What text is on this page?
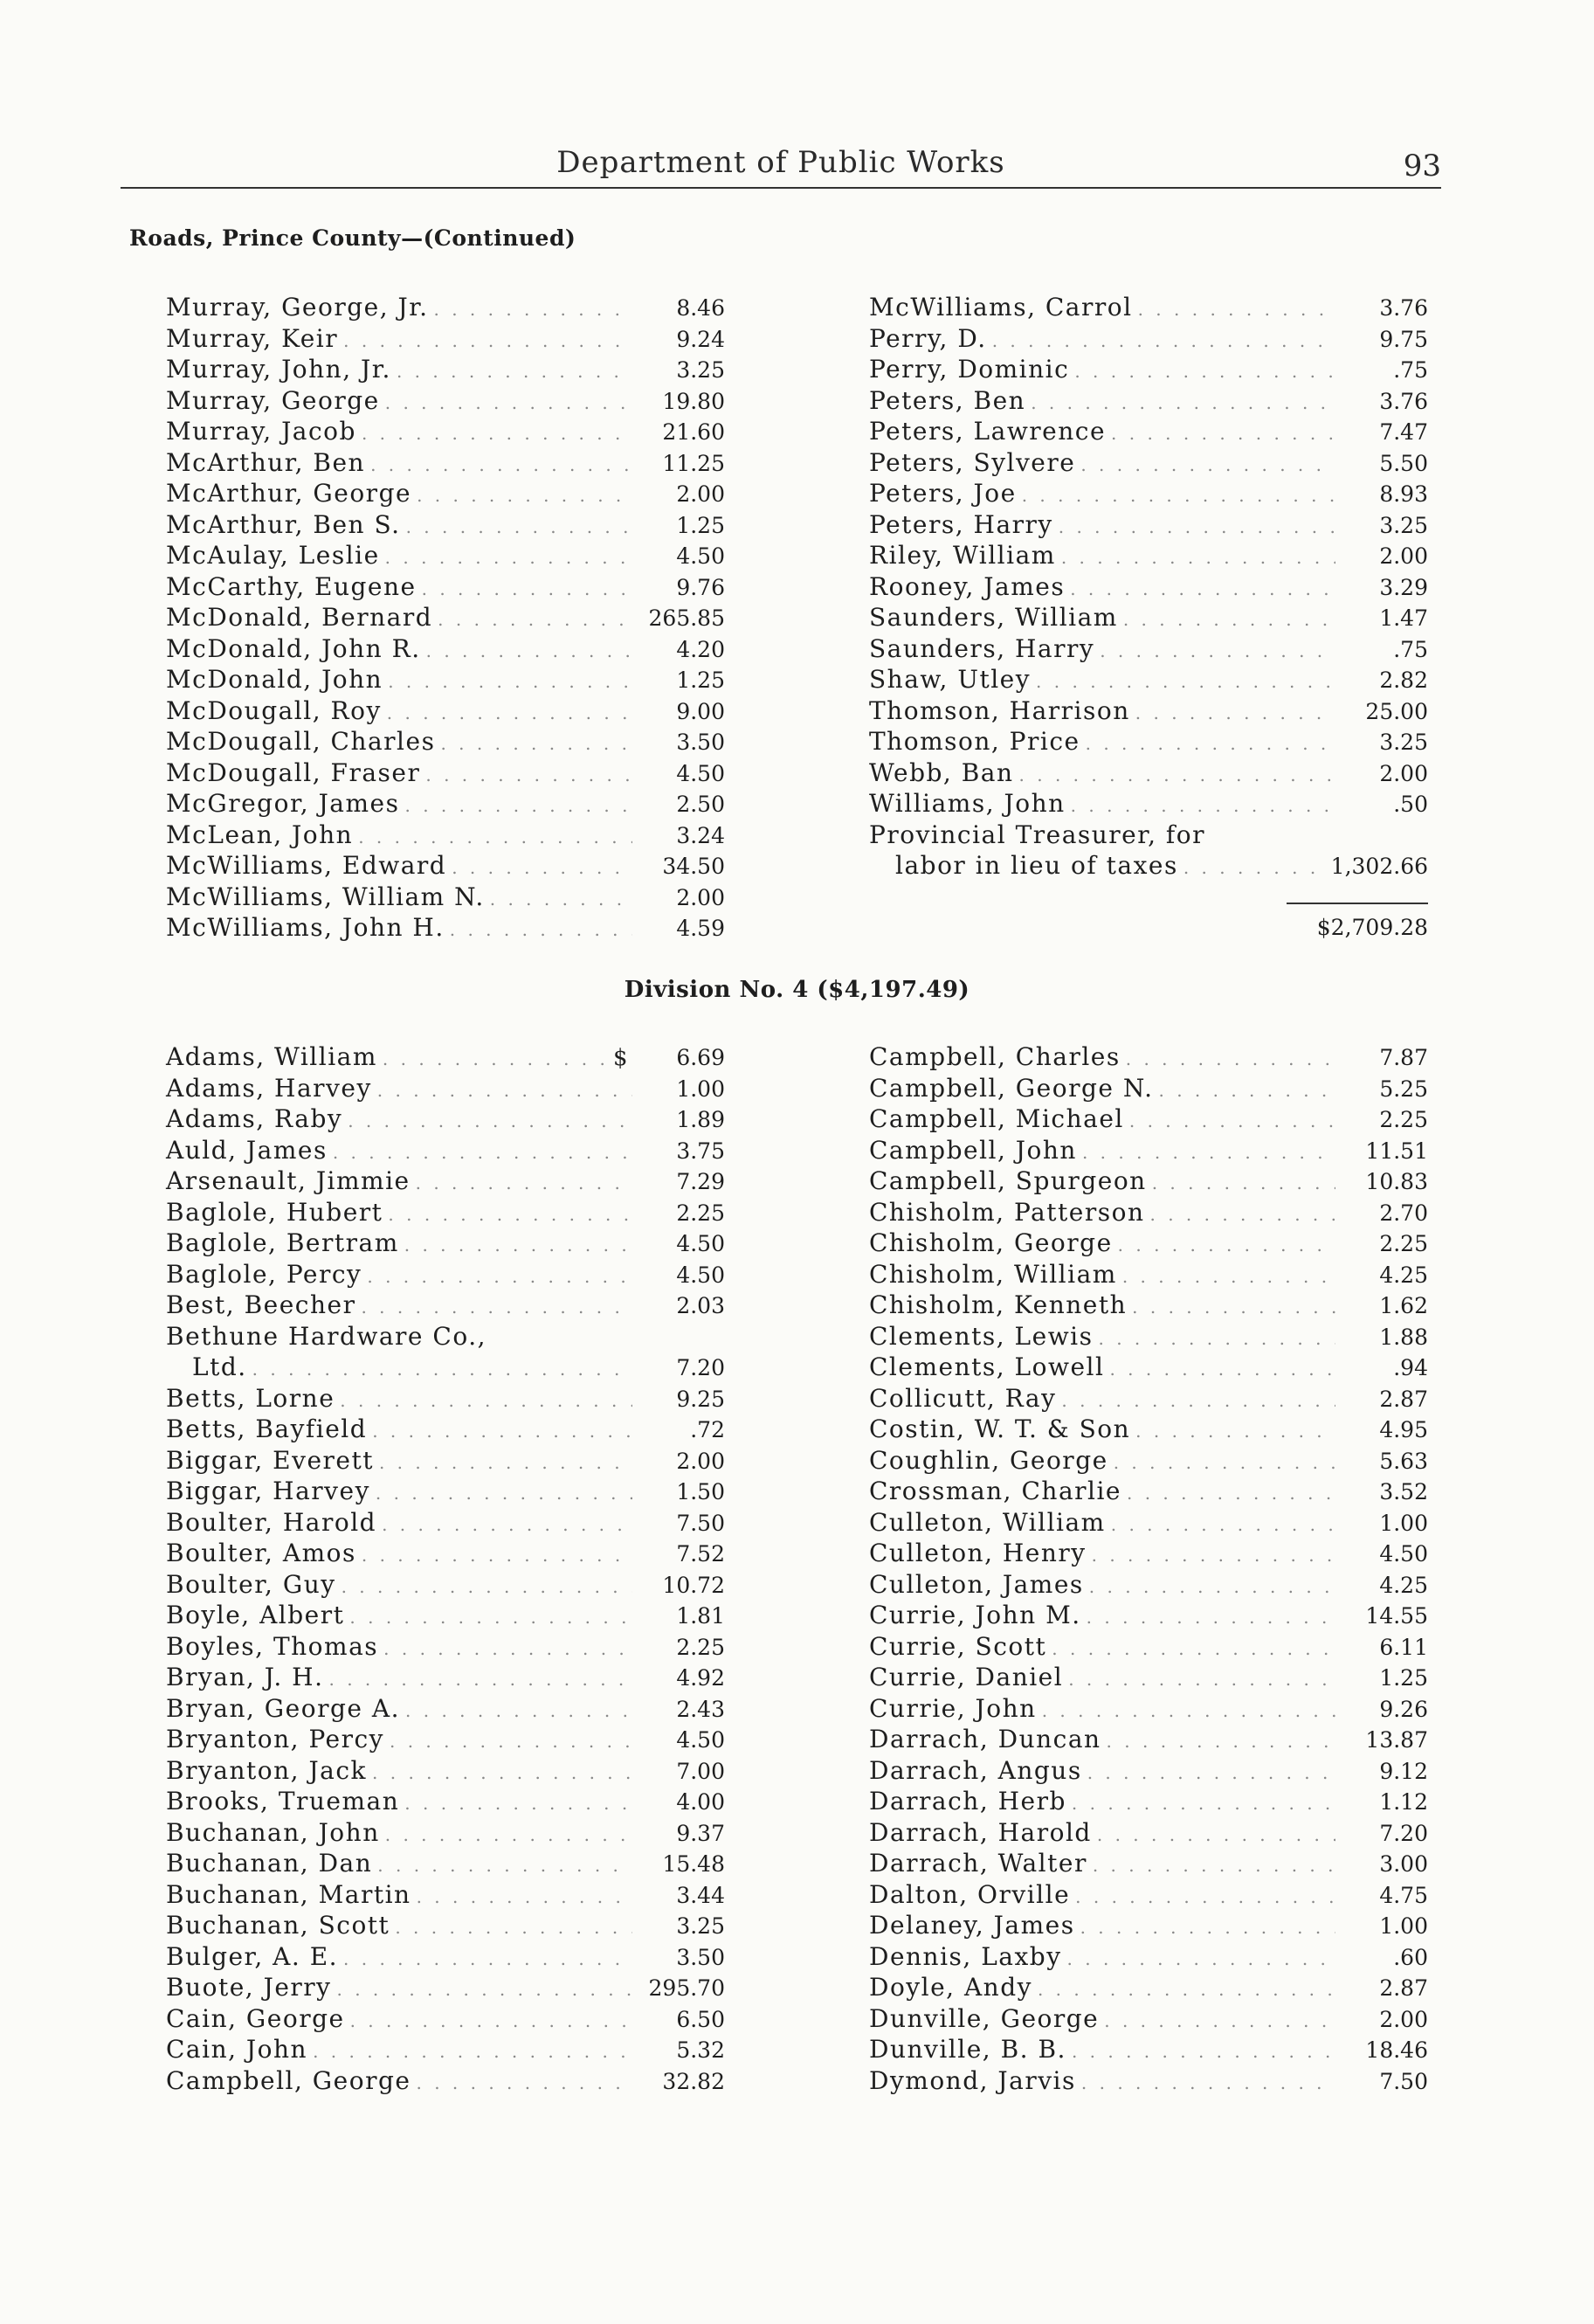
Department of Public Works	93
Roads, Prince County—(Continued)
Murray, George, Jr. . . .	8.46
Murray, Keir . . .	9.24
Murray, John, Jr. . . .	3.25
Murray, George . . .	19.80
Murray, Jacob . . .	21.60
McArthur, Ben . . .	11.25
McArthur, George . . .	2.00
McArthur, Ben S. . . .	1.25
McAulay, Leslie . . .	4.50
McCarthy, Eugene . . .	9.76
McDonald, Bernard . . .	265.85
McDonald, John R. . . .	4.20
McDonald, John . . .	1.25
McDougall, Roy . . .	9.00
McDougall, Charles . . .	3.50
McDougall, Fraser . . .	4.50
McGregor, James . . .	2.50
McLean, John . . .	3.24
McWilliams, Edward . . .	34.50
McWilliams, William N. . . .	2.00
McWilliams, John H. . . .	4.59
McWilliams, Carrol . . .	3.76
Perry, D. . . .	9.75
Perry, Dominic . . .	.75
Peters, Ben . . .	3.76
Peters, Lawrence . . .	7.47
Peters, Sylvere . . .	5.50
Peters, Joe . . .	8.93
Peters, Harry . . .	3.25
Riley, William . . .	2.00
Rooney, James . . .	3.29
Saunders, William . . .	1.47
Saunders, Harry . . .	.75
Shaw, Utley . . .	2.82
Thomson, Harrison . . .	25.00
Thomson, Price . . .	3.25
Webb, Ban . . .	2.00
Williams, John . . .	.50
Provincial Treasurer, for
labor in lieu of taxes . . .	1,302.66
$2,709.28
Division No. 4 ($4,197.49)
Adams, William . . .	$	6.69
Adams, Harvey . . .	1.00
Adams, Raby . . .	1.89
Auld, James . . .	3.75
Arsenault, Jimmie . . .	7.29
Baglole, Hubert . . .	2.25
Baglole, Bertram . . .	4.50
Baglole, Percy . . .	4.50
Best, Beecher . . .	2.03
Bethune Hardware Co.,
Ltd. . . .	7.20
Betts, Lorne . . .	9.25
Betts, Bayfield . . .	.72
Biggar, Everett . . .	2.00
Biggar, Harvey . . .	1.50
Boulter, Harold . . .	7.50
Boulter, Amos . . .	7.52
Boulter, Guy . . .	10.72
Boyle, Albert . . .	1.81
Boyles, Thomas . . .	2.25
Bryan, J. H. . . .	4.92
Bryan, George A. . . .	2.43
Bryanton, Percy . . .	4.50
Bryanton, Jack . . .	7.00
Brooks, Trueman . . .	4.00
Buchanan, John . . .	9.37
Buchanan, Dan . . .	15.48
Buchanan, Martin . . .	3.44
Buchanan, Scott . . .	3.25
Bulger, A. E. . . .	3.50
Buote, Jerry . . .	295.70
Cain, George . . .	6.50
Cain, John . . .	5.32
Campbell, George . . .	32.82
Campbell, Charles . . .	7.87
Campbell, George N. . . .	5.25
Campbell, Michael . . .	2.25
Campbell, John . . .	11.51
Campbell, Spurgeon . . .	10.83
Chisholm, Patterson . . .	2.70
Chisholm, George . . .	2.25
Chisholm, William . . .	4.25
Chisholm, Kenneth . . .	1.62
Clements, Lewis . . .	1.88
Clements, Lowell . . .	.94
Collicutt, Ray . . .	2.87
Costin, W. T. & Son . . .	4.95
Coughlin, George . . .	5.63
Crossman, Charlie . . .	3.52
Culleton, William . . .	1.00
Culleton, Henry . . .	4.50
Culleton, James . . .	4.25
Currie, John M. . . .	14.55
Currie, Scott . . .	6.11
Currie, Daniel . . .	1.25
Currie, John . . .	9.26
Darrach, Duncan . . .	13.87
Darrach, Angus . . .	9.12
Darrach, Herb . . .	1.12
Darrach, Harold . . .	7.20
Darrach, Walter . . .	3.00
Dalton, Orville . . .	4.75
Delaney, James . . .	1.00
Dennis, Laxby . . .	.60
Doyle, Andy . . .	2.87
Dunville, George . . .	2.00
Dunville, B. B. . . .	18.46
Dymond, Jarvis . . .	7.50
